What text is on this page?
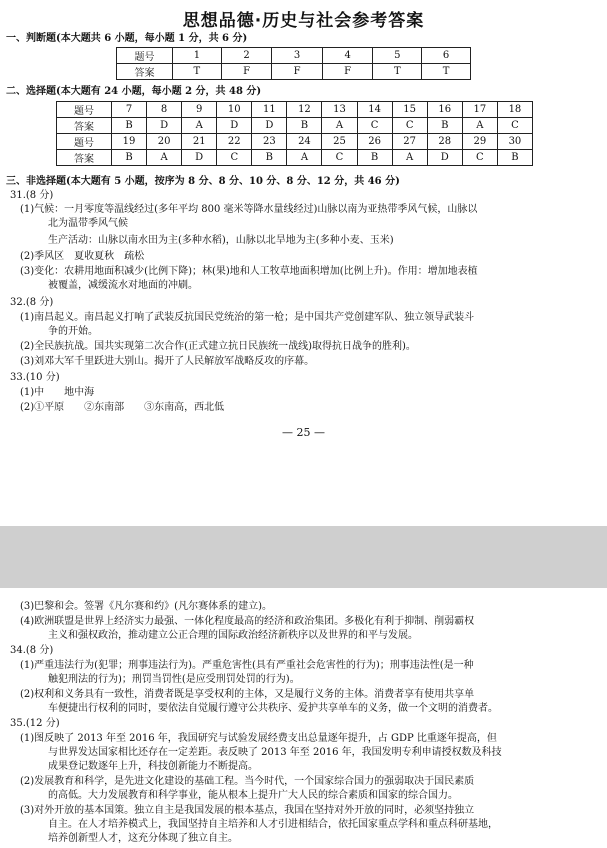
思想品德·历史与社会参考答案
一、判断题(本大题共 6 小题，每小题 1 分，共 6 分)
题号	1	2	3	4	5	6
答案	T	F	F	F	T	T
二、选择题(本大题有 24 小题，每小题 2 分，共 48 分)
题号	7	8	9	10	11	12	13	14	15	16	17	18
答案	B	D	A	D	D	B	A	C	C	B	A	C
题号	19	20	21	22	23	24	25	26	27	28	29	30
答案	B	A	D	C	B	A	C	B	A	D	C	B
三、非选择题(本大题有 5 小题，按序为 8 分、8 分、10 分、8 分、12 分，共 46 分)
31.(8 分)
(1)气候：一月零度等温线经过(多年平均 800 毫米等降水量线经过)山脉以南为亚热带季风气候，山脉以
北为温带季风气候
生产活动：山脉以南水田为主(多种水稻)，山脉以北旱地为主(多种小麦、玉米)
(2)季风区　夏收夏秋　疏松
(3)变化：农耕用地面积减少(比例下降)；林(果)地和人工牧草地面积增加(比例上升)。作用：增加地表植
被覆盖，减缓流水对地面的冲刷。
32.(8 分)
(1)南昌起义。南昌起义打响了武装反抗国民党统治的第一枪；是中国共产党创建军队、独立领导武装斗
争的开始。
(2)全民族抗战。国共实现第二次合作(正式建立抗日民族统一战线)取得抗日战争的胜利)。
(3)刘邓大军千里跃进大别山。揭开了人民解放军战略反攻的序幕。
33.(10 分)
(1)中　　地中海
(2)①平原　　②东南部　　③东南高，西北低
— 25 —

(3)巴黎和会。签署《凡尔赛和约》(凡尔赛体系的建立)。
(4)欧洲联盟是世界上经济实力最强、一体化程度最高的经济和政治集团。多极化有利于抑制、削弱霸权
主义和强权政治，推动建立公正合理的国际政治经济新秩序以及世界的和平与发展。
34.(8 分)
(1)严重违法行为(犯罪；刑事违法行为)。严重危害性(具有严重社会危害性的行为)；刑事违法性(是一种
触犯刑法的行为)；刑罚当罚性(是应受刑罚处罚的行为)。
(2)权利和义务具有一致性，消费者既是享受权利的主体，又是履行义务的主体。消费者享有使用共享单
车便捷出行权利的同时，要依法自觉履行遵守公共秩序、爱护共享单车的义务，做一个文明的消费者。
35.(12 分)
(1)图反映了 2013 年至 2016 年，我国研究与试验发展经费支出总量逐年提升，占 GDP 比重逐年提高，但
与世界发达国家相比还存在一定差距。表反映了 2013 年至 2016 年，我国发明专利申请授权数及科技
成果登记数逐年上升，科技创新能力不断提高。
(2)发展教育和科学，是先进文化建设的基础工程。当今时代，一个国家综合国力的强弱取决于国民素质
的高低。大力发展教育和科学事业，能从根本上提升广大人民的综合素质和国家的综合国力。
(3)对外开放的基本国策。独立自主是我国发展的根本基点，我国在坚持对外开放的同时，必须坚持独立
自主。在人才培养模式上，我国坚持自主培养和人才引进相结合，依托国家重点学科和重点科研基地，
培养创新型人才，这充分体现了独立自主。
